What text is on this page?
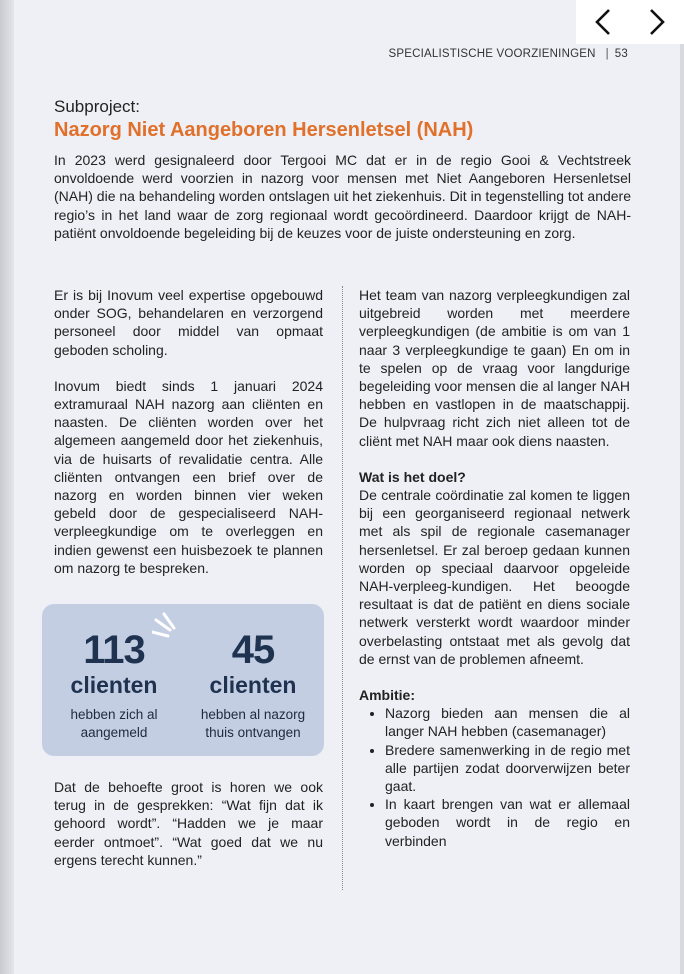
SPECIALISTISCHE VOORZIENINGEN | 53
Subproject:
Nazorg Niet Aangeboren Hersenletsel (NAH)
In 2023 werd gesignaleerd door Tergooi MC dat er in de regio Gooi & Vechtstreek onvoldoende werd voorzien in nazorg voor mensen met Niet Aangeboren Hersenletsel (NAH) die na behandeling worden ontslagen uit het ziekenhuis. Dit in tegenstelling tot andere regio’s in het land waar de zorg regionaal wordt gecoördineerd. Daardoor krijgt de NAH-patiënt onvoldoende begeleiding bij de keuzes voor de juiste ondersteuning en zorg.

Er is bij Inovum veel expertise opgebouwd onder SOG, behandelaren en verzorgend personeel door middel van opmaat geboden scholing.

Inovum biedt sinds 1 januari 2024 extramuraal NAH nazorg aan cliënten en naasten. De cliënten worden over het algemeen aangemeld door het ziekenhuis, via de huisarts of revalidatie centra. Alle cliënten ontvangen een brief over de nazorg en worden binnen vier weken gebeld door de gespecialiseerd NAH- verpleegkundige om te overleggen en indien gewenst een huisbezoek te plannen om nazorg te bespreken.

113
clienten
hebben zich al
aangemeld
45
clienten
hebben al nazorg
thuis ontvangen
Dat de behoefte groot is horen we ook terug in de gesprekken: “Wat fijn dat ik gehoord wordt”. “Hadden we je maar eerder ontmoet”. “Wat goed dat we nu ergens terecht kunnen.”

Het team van nazorg verpleegkundigen zal uitgebreid worden met meerdere verpleegkundigen (de ambitie is om van 1 naar 3 verpleegkundige te gaan) En om in te spelen op de vraag voor langdurige begeleiding voor mensen die al langer NAH hebben en vastlopen in de maatschappij. De hulpvraag richt zich niet alleen tot de cliënt met NAH maar ook diens naasten.

Wat is het doel?

De centrale coördinatie zal komen te liggen bij een georganiseerd regionaal netwerk met als spil de regionale casemanager hersenletsel. Er zal beroep gedaan kunnen worden op speciaal daarvoor opgeleide NAH-verpleeg-kundigen. Het beoogde resultaat is dat de patiënt en diens sociale netwerk versterkt wordt waardoor minder overbelasting ontstaat met als gevolg dat de ernst van de problemen afneemt.

Ambitie:
• Nazorg bieden aan mensen die al langer NAH hebben (casemanager)
• Bredere samenwerking in de regio met alle partijen zodat doorverwijzen beter gaat.
• In kaart brengen van wat er allemaal geboden wordt in de regio en verbinden
